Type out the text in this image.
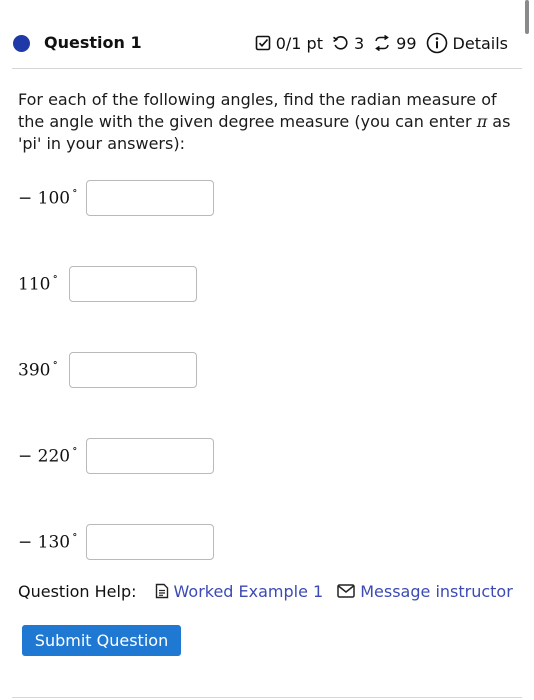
Question 1	0/1 pt 3 99 Details
For each of the following angles, find the radian measure of the angle with the given degree measure (you can enter π as 'pi' in your answers):
− 100 ∘
110 ∘
390 ∘
− 220 ∘
− 130 ∘
Question Help: Worked Example 1 Message instructor
Submit Question
